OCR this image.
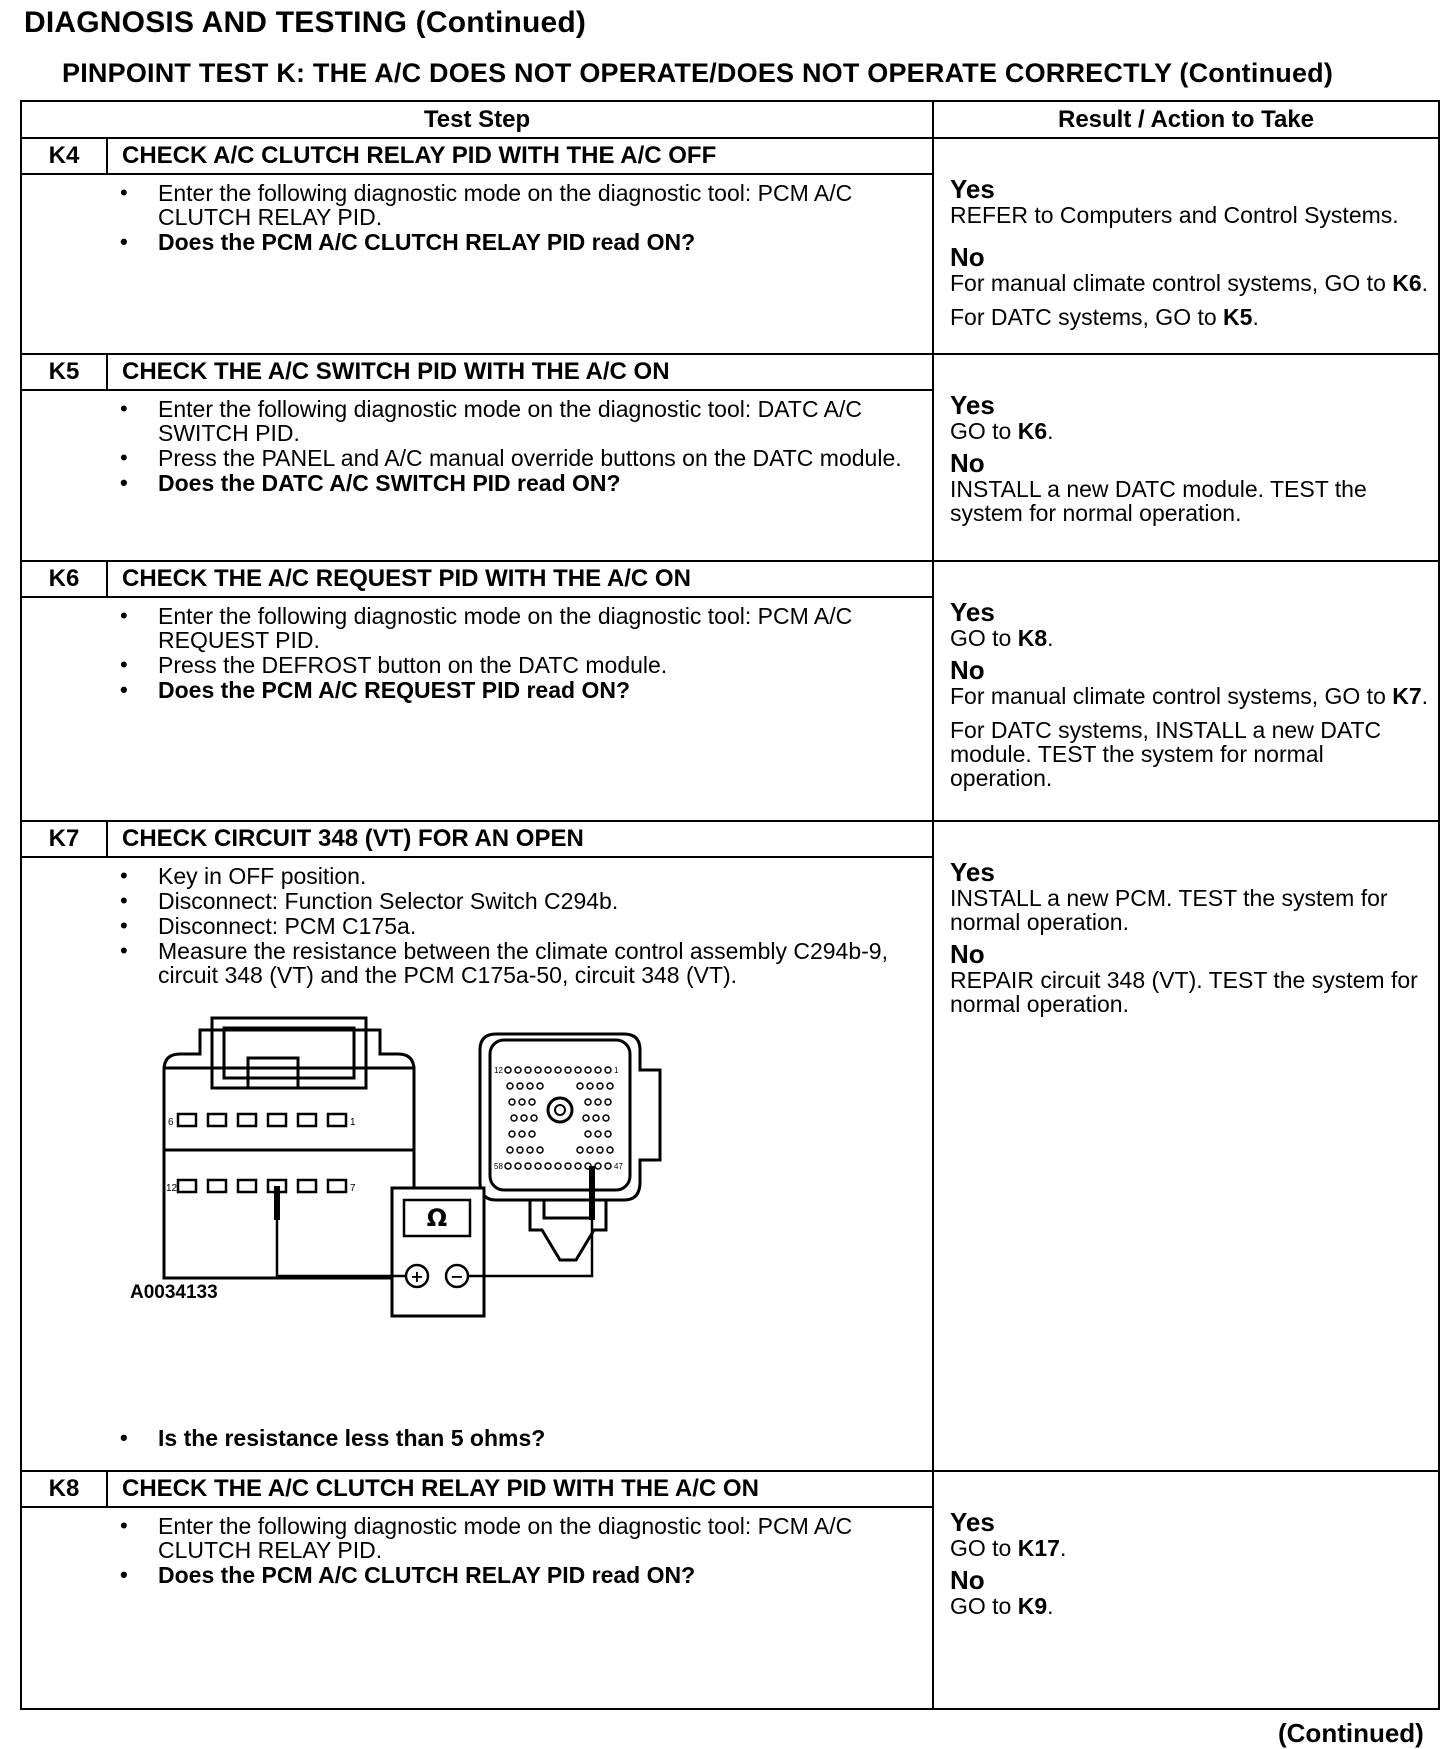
DIAGNOSIS AND TESTING (Continued)
PINPOINT TEST K: THE A/C DOES NOT OPERATE/DOES NOT OPERATE CORRECTLY (Continued)
Test Step	Result / Action to Take
K4	CHECK A/C CLUTCH RELAY PID WITH THE A/C OFF
• Enter the following diagnostic mode on the diagnostic tool: PCM A/C CLUTCH RELAY PID.
• Does the PCM A/C CLUTCH RELAY PID read ON?
Yes

REFER to Computers and Control Systems.

No

For manual climate control systems, GO to K6.

For DATC systems, GO to K5.

K5	CHECK THE A/C SWITCH PID WITH THE A/C ON
• Enter the following diagnostic mode on the diagnostic tool: DATC A/C SWITCH PID.
• Press the PANEL and A/C manual override buttons on the DATC module.
• Does the DATC A/C SWITCH PID read ON?
Yes

GO to K6.

No

INSTALL a new DATC module. TEST the system for normal operation.

K6	CHECK THE A/C REQUEST PID WITH THE A/C ON
• Enter the following diagnostic mode on the diagnostic tool: PCM A/C REQUEST PID.
• Press the DEFROST button on the DATC module.
• Does the PCM A/C REQUEST PID read ON?
Yes

GO to K8.

No

For manual climate control systems, GO to K7.

For DATC systems, INSTALL a new DATC module. TEST the system for normal operation.

K7	CHECK CIRCUIT 348 (VT) FOR AN OPEN
• Key in OFF position.
• Disconnect: Function Selector Switch C294b.
• Disconnect: PCM C175a.
• Measure the resistance between the climate control assembly C294b-9, circuit 348 (VT) and the PCM C175a-50, circuit 348 (VT).
• Is the resistance less than 5 ohms?
Yes

INSTALL a new PCM. TEST the system for normal operation.

No

REPAIR circuit 348 (VT). TEST the system for normal operation.

K8	CHECK THE A/C CLUTCH RELAY PID WITH THE A/C ON
• Enter the following diagnostic mode on the diagnostic tool: PCM A/C CLUTCH RELAY PID.
• Does the PCM A/C CLUTCH RELAY PID read ON?
Yes

GO to K17.

No

GO to K9.

6	1
12	7
12	1
58	47
Ω
+ −
A0034133
(Continued)
